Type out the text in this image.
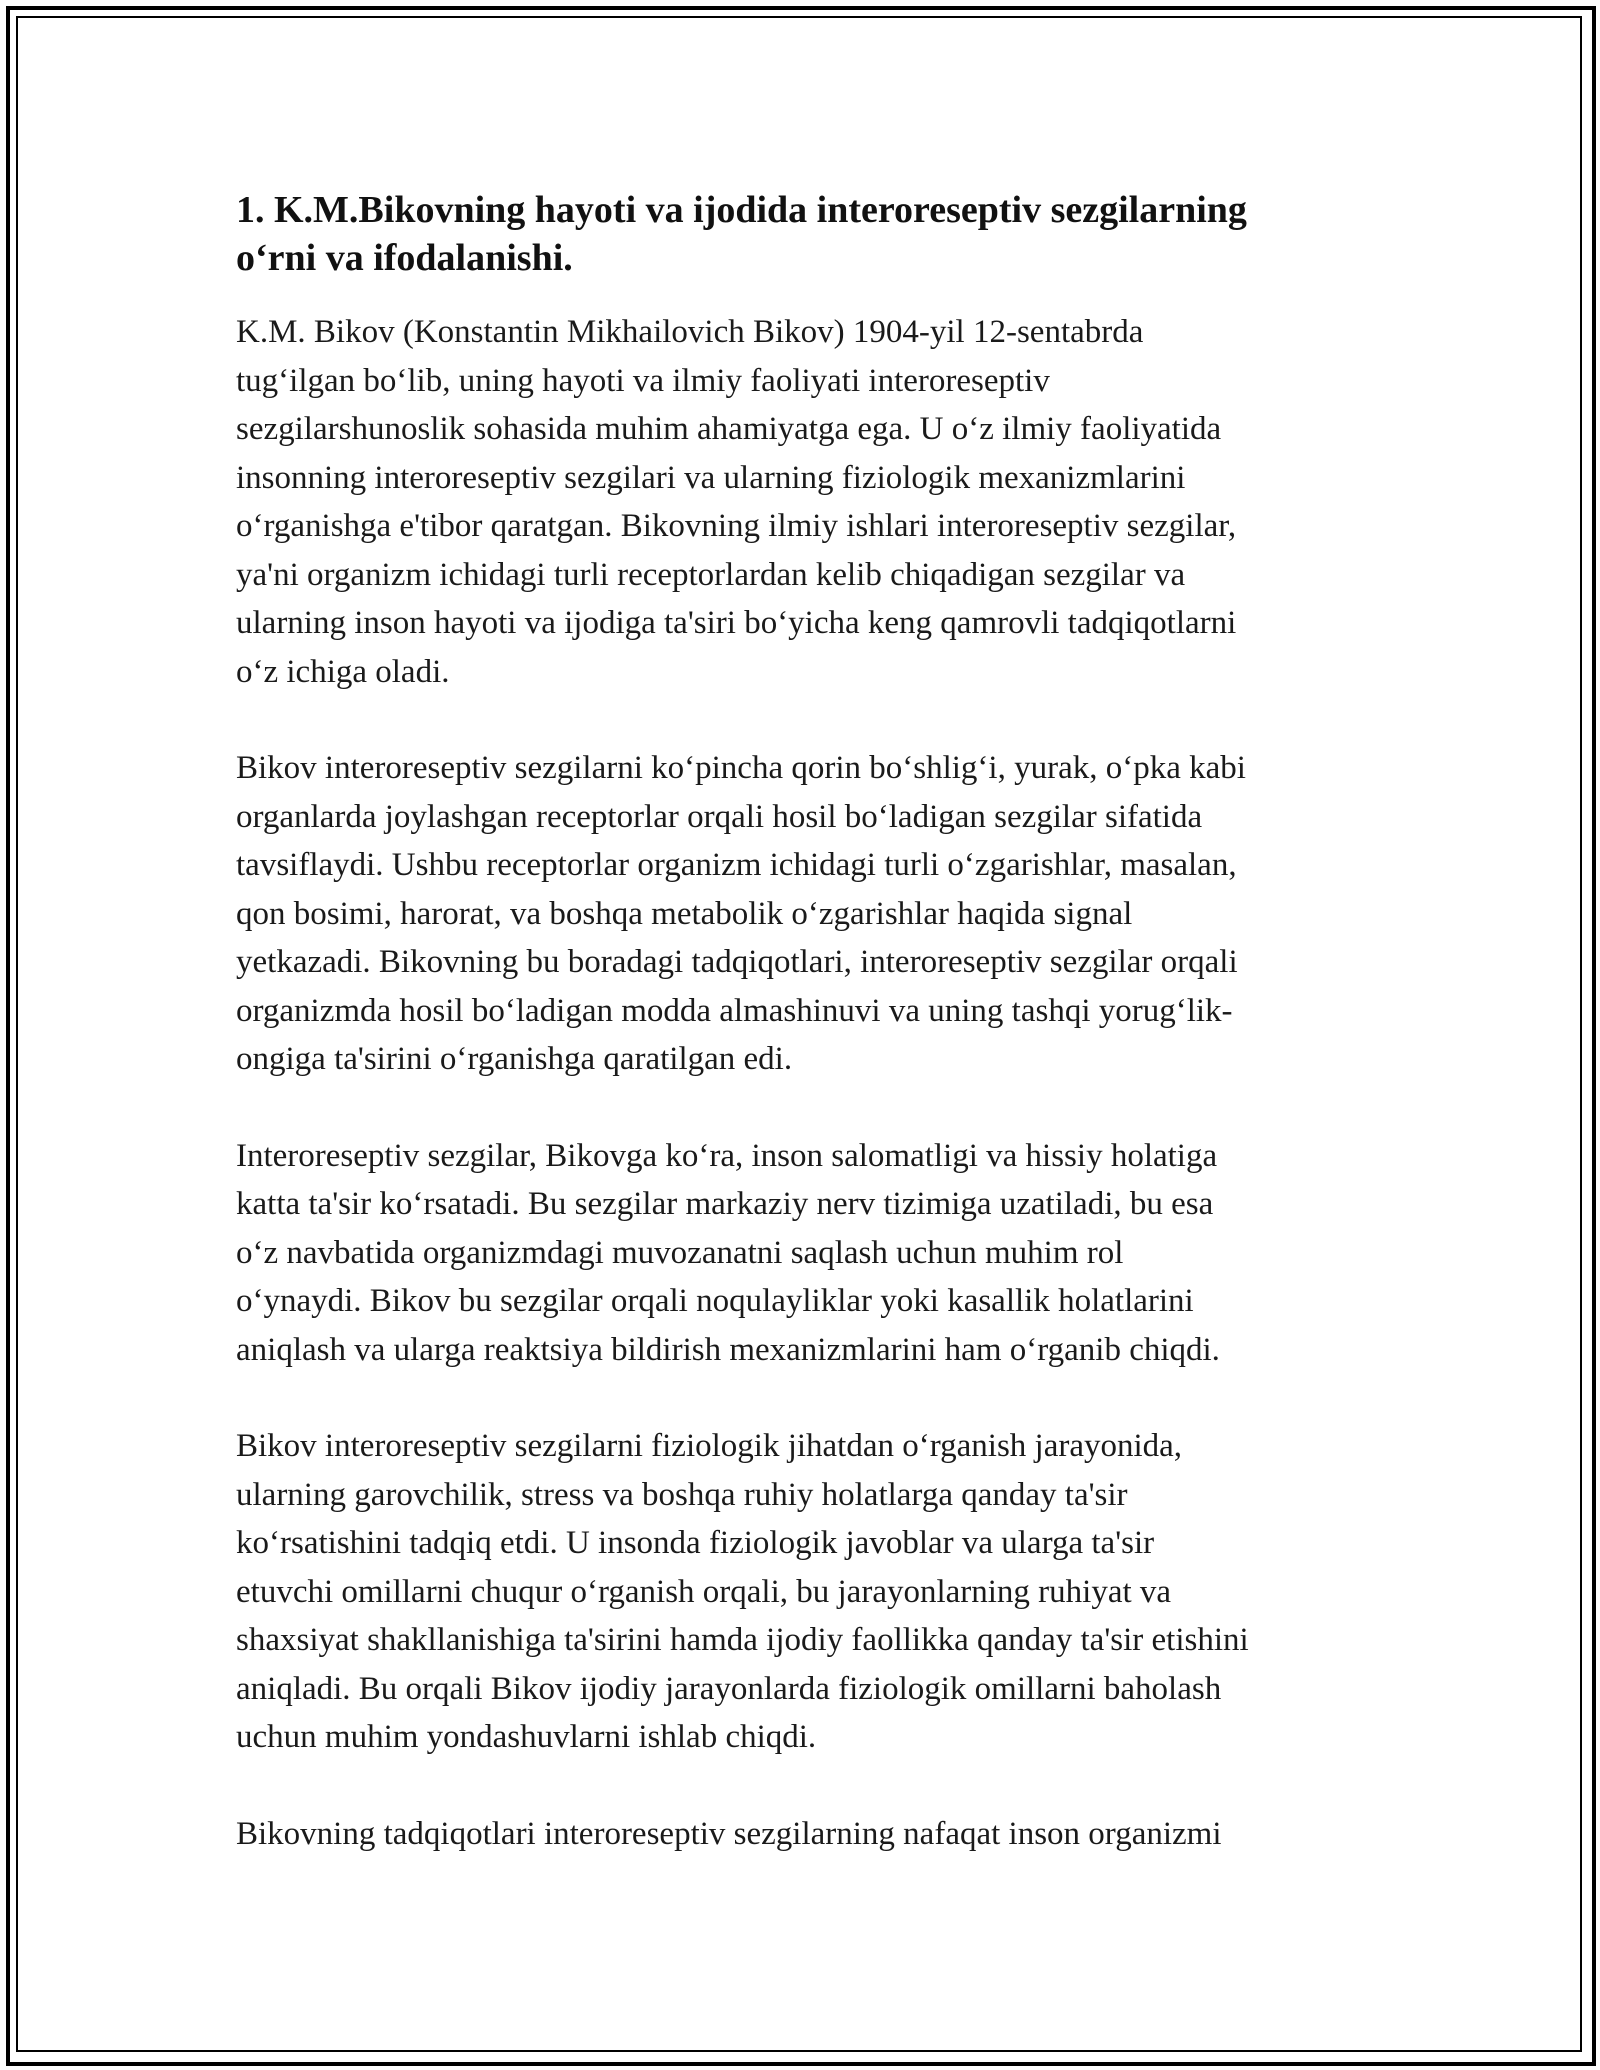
1. K.M.Bikovning hayoti va ijodida interoreseptiv sezgilarning
o‘rni va ifodalanishi.

K.M. Bikov (Konstantin Mikhailovich Bikov) 1904-yil 12-sentabrda
tug‘ilgan bo‘lib, uning hayoti va ilmiy faoliyati interoreseptiv
sezgilarshunoslik sohasida muhim ahamiyatga ega. U o‘z ilmiy faoliyatida
insonning interoreseptiv sezgilari va ularning fiziologik mexanizmlarini
o‘rganishga e'tibor qaratgan. Bikovning ilmiy ishlari interoreseptiv sezgilar,
ya'ni organizm ichidagi turli receptorlardan kelib chiqadigan sezgilar va
ularning inson hayoti va ijodiga ta'siri bo‘yicha keng qamrovli tadqiqotlarni
o‘z ichiga oladi.

Bikov interoreseptiv sezgilarni ko‘pincha qorin bo‘shlig‘i, yurak, o‘pka kabi
organlarda joylashgan receptorlar orqali hosil bo‘ladigan sezgilar sifatida
tavsiflaydi. Ushbu receptorlar organizm ichidagi turli o‘zgarishlar, masalan,
qon bosimi, harorat, va boshqa metabolik o‘zgarishlar haqida signal
yetkazadi. Bikovning bu boradagi tadqiqotlari, interoreseptiv sezgilar orqali
organizmda hosil bo‘ladigan modda almashinuvi va uning tashqi yorug‘lik-
ongiga ta'sirini o‘rganishga qaratilgan edi.

Interoreseptiv sezgilar, Bikovga ko‘ra, inson salomatligi va hissiy holatiga
katta ta'sir ko‘rsatadi. Bu sezgilar markaziy nerv tizimiga uzatiladi, bu esa
o‘z navbatida organizmdagi muvozanatni saqlash uchun muhim rol
o‘ynaydi. Bikov bu sezgilar orqali noqulayliklar yoki kasallik holatlarini
aniqlash va ularga reaktsiya bildirish mexanizmlarini ham o‘rganib chiqdi.

Bikov interoreseptiv sezgilarni fiziologik jihatdan o‘rganish jarayonida,
ularning garovchilik, stress va boshqa ruhiy holatlarga qanday ta'sir
ko‘rsatishini tadqiq etdi. U insonda fiziologik javoblar va ularga ta'sir
etuvchi omillarni chuqur o‘rganish orqali, bu jarayonlarning ruhiyat va
shaxsiyat shakllanishiga ta'sirini hamda ijodiy faollikka qanday ta'sir etishini
aniqladi. Bu orqali Bikov ijodiy jarayonlarda fiziologik omillarni baholash
uchun muhim yondashuvlarni ishlab chiqdi.

Bikovning tadqiqotlari interoreseptiv sezgilarning nafaqat inson organizmi
